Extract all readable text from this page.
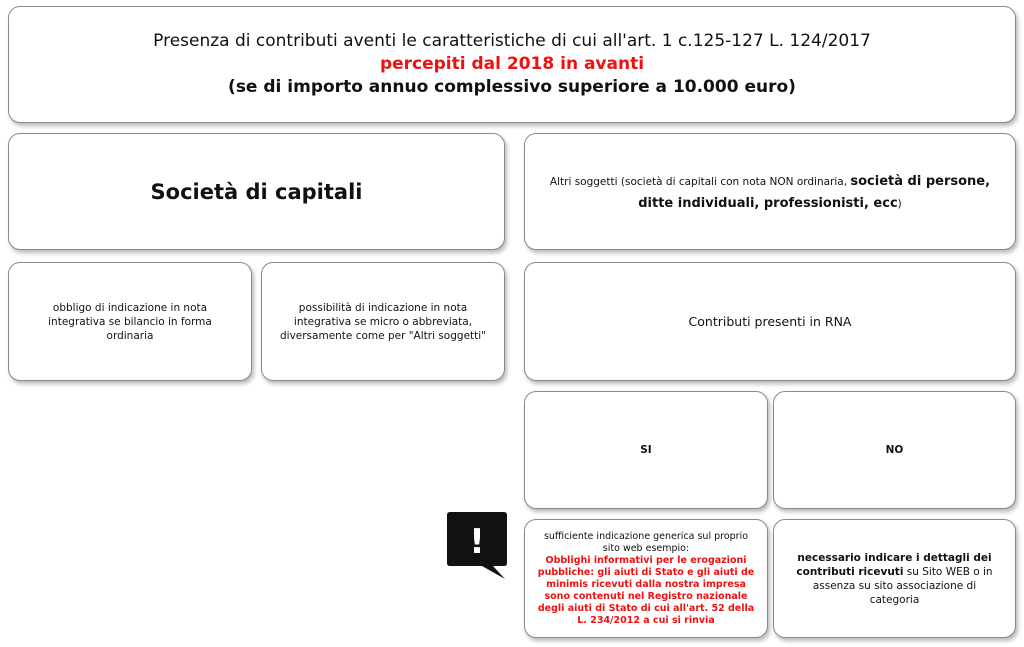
Presenza di contributi aventi le caratteristiche di cui all'art. 1 c.125-127 L. 124/2017
percepiti dal 2018 in avanti
(se di importo annuo complessivo superiore a 10.000 euro)
Società di capitali	Altri soggetti (società di capitali con nota NON ordinaria, società di persone, ditte individuali, professionisti, ecc)
obbligo di indicazione in nota integrativa se bilancio in forma ordinaria
possibilità di indicazione in nota integrativa se micro o abbreviata, diversamente come per "Altri soggetti"
Contributi presenti in RNA
SI	NO
!	sufficiente indicazione generica sul proprio sito web esempio:
Obblighi informativi per le erogazioni pubbliche: gli aiuti di Stato e gli aiuti de minimis ricevuti dalla nostra impresa sono contenuti nel Registro nazionale degli aiuti di Stato di cui all'art. 52 della L. 234/2012 a cui si rinvia
necessario indicare i dettagli dei contributi ricevuti su Sito WEB o in assenza su sito associazione di categoria
